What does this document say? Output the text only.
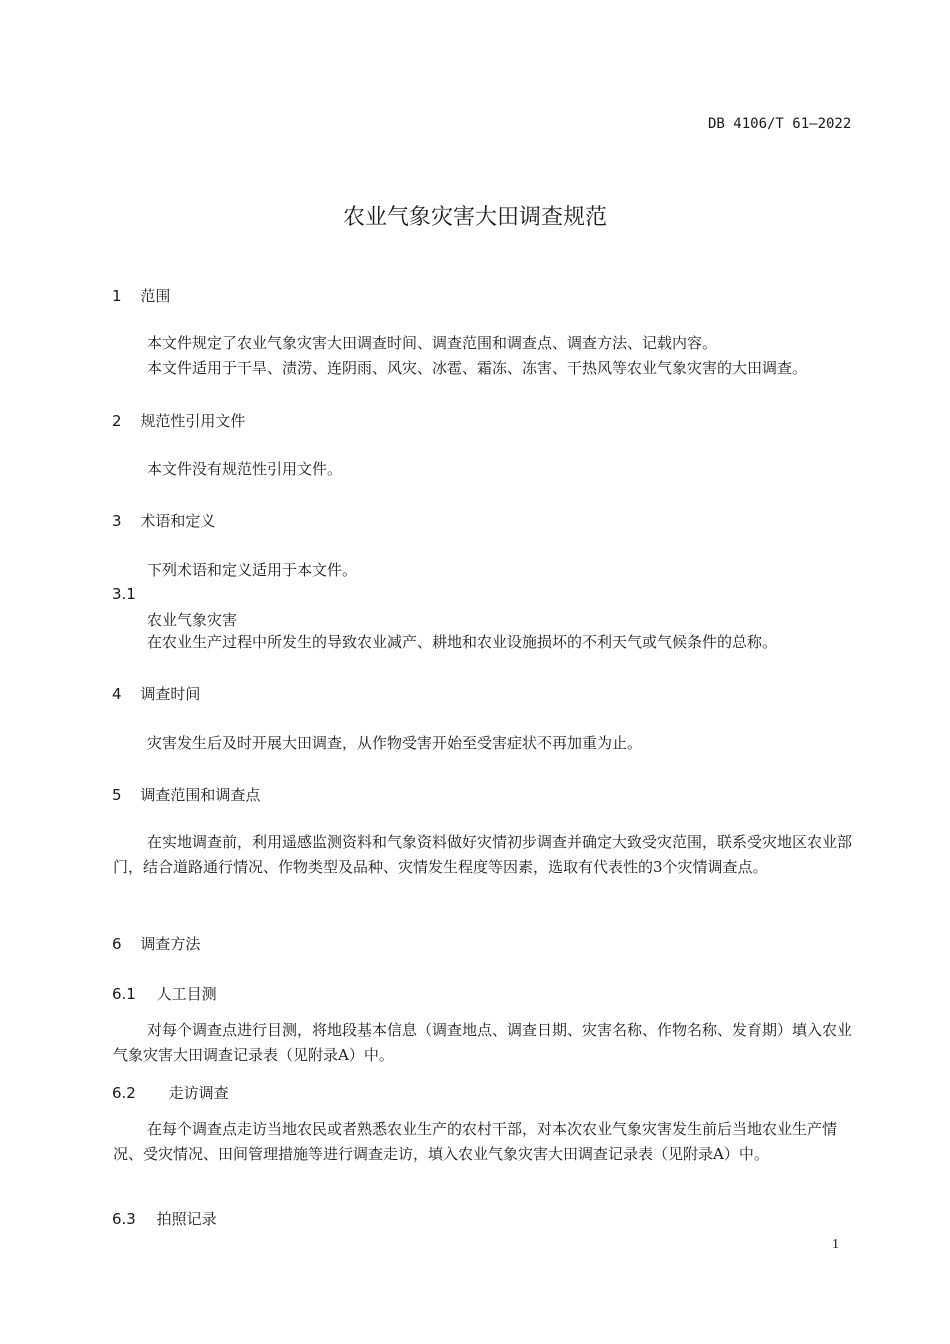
DB 4106/T 61—2022
农业气象灾害大田调查规范
1 范围
本文件规定了农业气象灾害大田调查时间、调查范围和调查点、调查方法、记载内容。
本文件适用于干旱、渍涝、连阴雨、风灾、冰雹、霜冻、冻害、干热风等农业气象灾害的大田调查。
2 规范性引用文件
本文件没有规范性引用文件。
3 术语和定义
下列术语和定义适用于本文件。
3.1
农业气象灾害
在农业生产过程中所发生的导致农业减产、耕地和农业设施损坏的不利天气或气候条件的总称。
4 调查时间
灾害发生后及时开展大田调查，从作物受害开始至受害症状不再加重为止。
5 调查范围和调查点
在实地调查前，利用遥感监测资料和气象资料做好灾情初步调查并确定大致受灾范围，联系受灾地区农业部门，结合道路通行情况、作物类型及品种、灾情发生程度等因素，选取有代表性的3个灾情调查点。
6 调查方法
6.1 人工目测
对每个调查点进行目测，将地段基本信息（调查地点、调查日期、灾害名称、作物名称、发育期）填入农业气象灾害大田调查记录表（见附录A）中。
6.2 走访调查
在每个调查点走访当地农民或者熟悉农业生产的农村干部，对本次农业气象灾害发生前后当地农业生产情况、受灾情况、田间管理措施等进行调查走访，填入农业气象灾害大田调查记录表（见附录A）中。
6.3 拍照记录
1
